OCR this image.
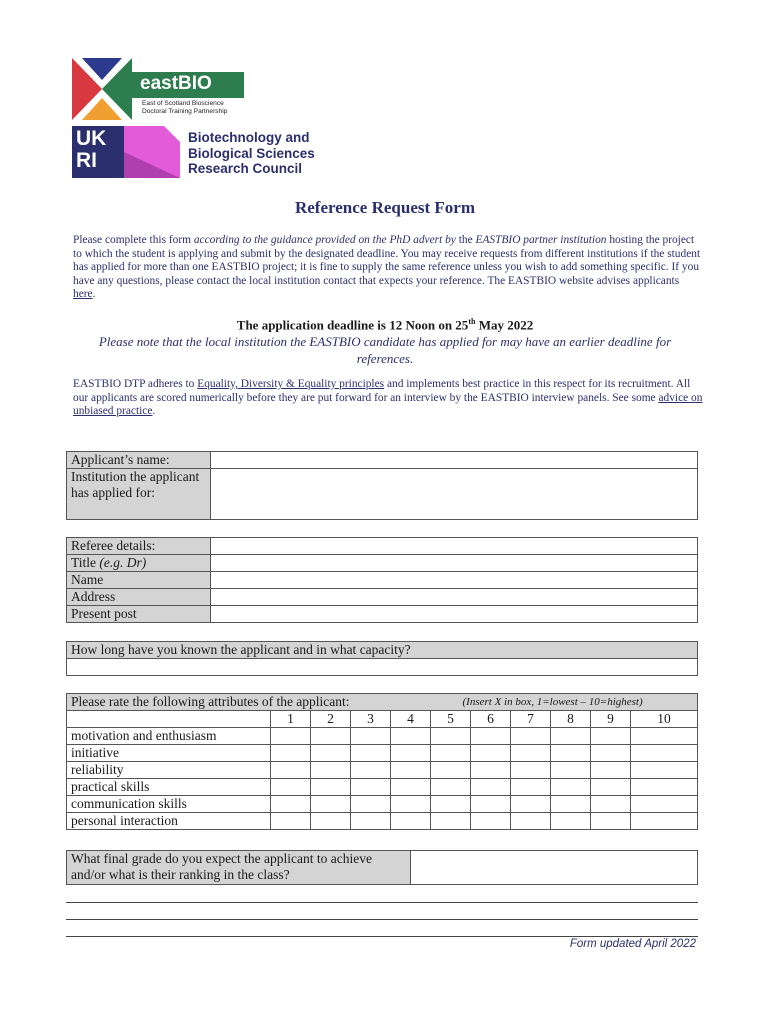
eastBIO
East of Scotland Bioscience
Doctoral Training Partnership
UK
RI
Biotechnology and
Biological Sciences
Research Council
Reference Request Form
Please complete this form according to the guidance provided on the PhD advert by the EASTBIO partner institution hosting the project to which the student is applying and submit by the designated deadline. You may receive requests from different institutions if the student has applied for more than one EASTBIO project; it is fine to supply the same reference unless you wish to add something specific. If you have any questions, please contact the local institution contact that expects your reference. The EASTBIO website advises applicants here.
The application deadline is 12 Noon on 25th May 2022
Please note that the local institution the EASTBIO candidate has applied for may have an earlier deadline for references.
EASTBIO DTP adheres to Equality, Diversity & Equality principles and implements best practice in this respect for its recruitment. All our applicants are scored numerically before they are put forward for an interview by the EASTBIO interview panels. See some advice on unbiased practice.
Applicant’s name:	
Institution the applicant has applied for:	
Referee details:	
Title (e.g. Dr)	
Name	
Address	
Present post	
How long have you known the applicant and in what capacity?

Please rate the following attributes of the applicant:					(Insert X in box, 1=lowest – 10=highest)					
	1	2	3	4	5	6	7	8	9	10
motivation and enthusiasm										
initiative										
reliability										
practical skills										
communication skills										
personal interaction										
What final grade do you expect the applicant to achieve and/or what is their ranking in the class?	
Form updated April 2022
